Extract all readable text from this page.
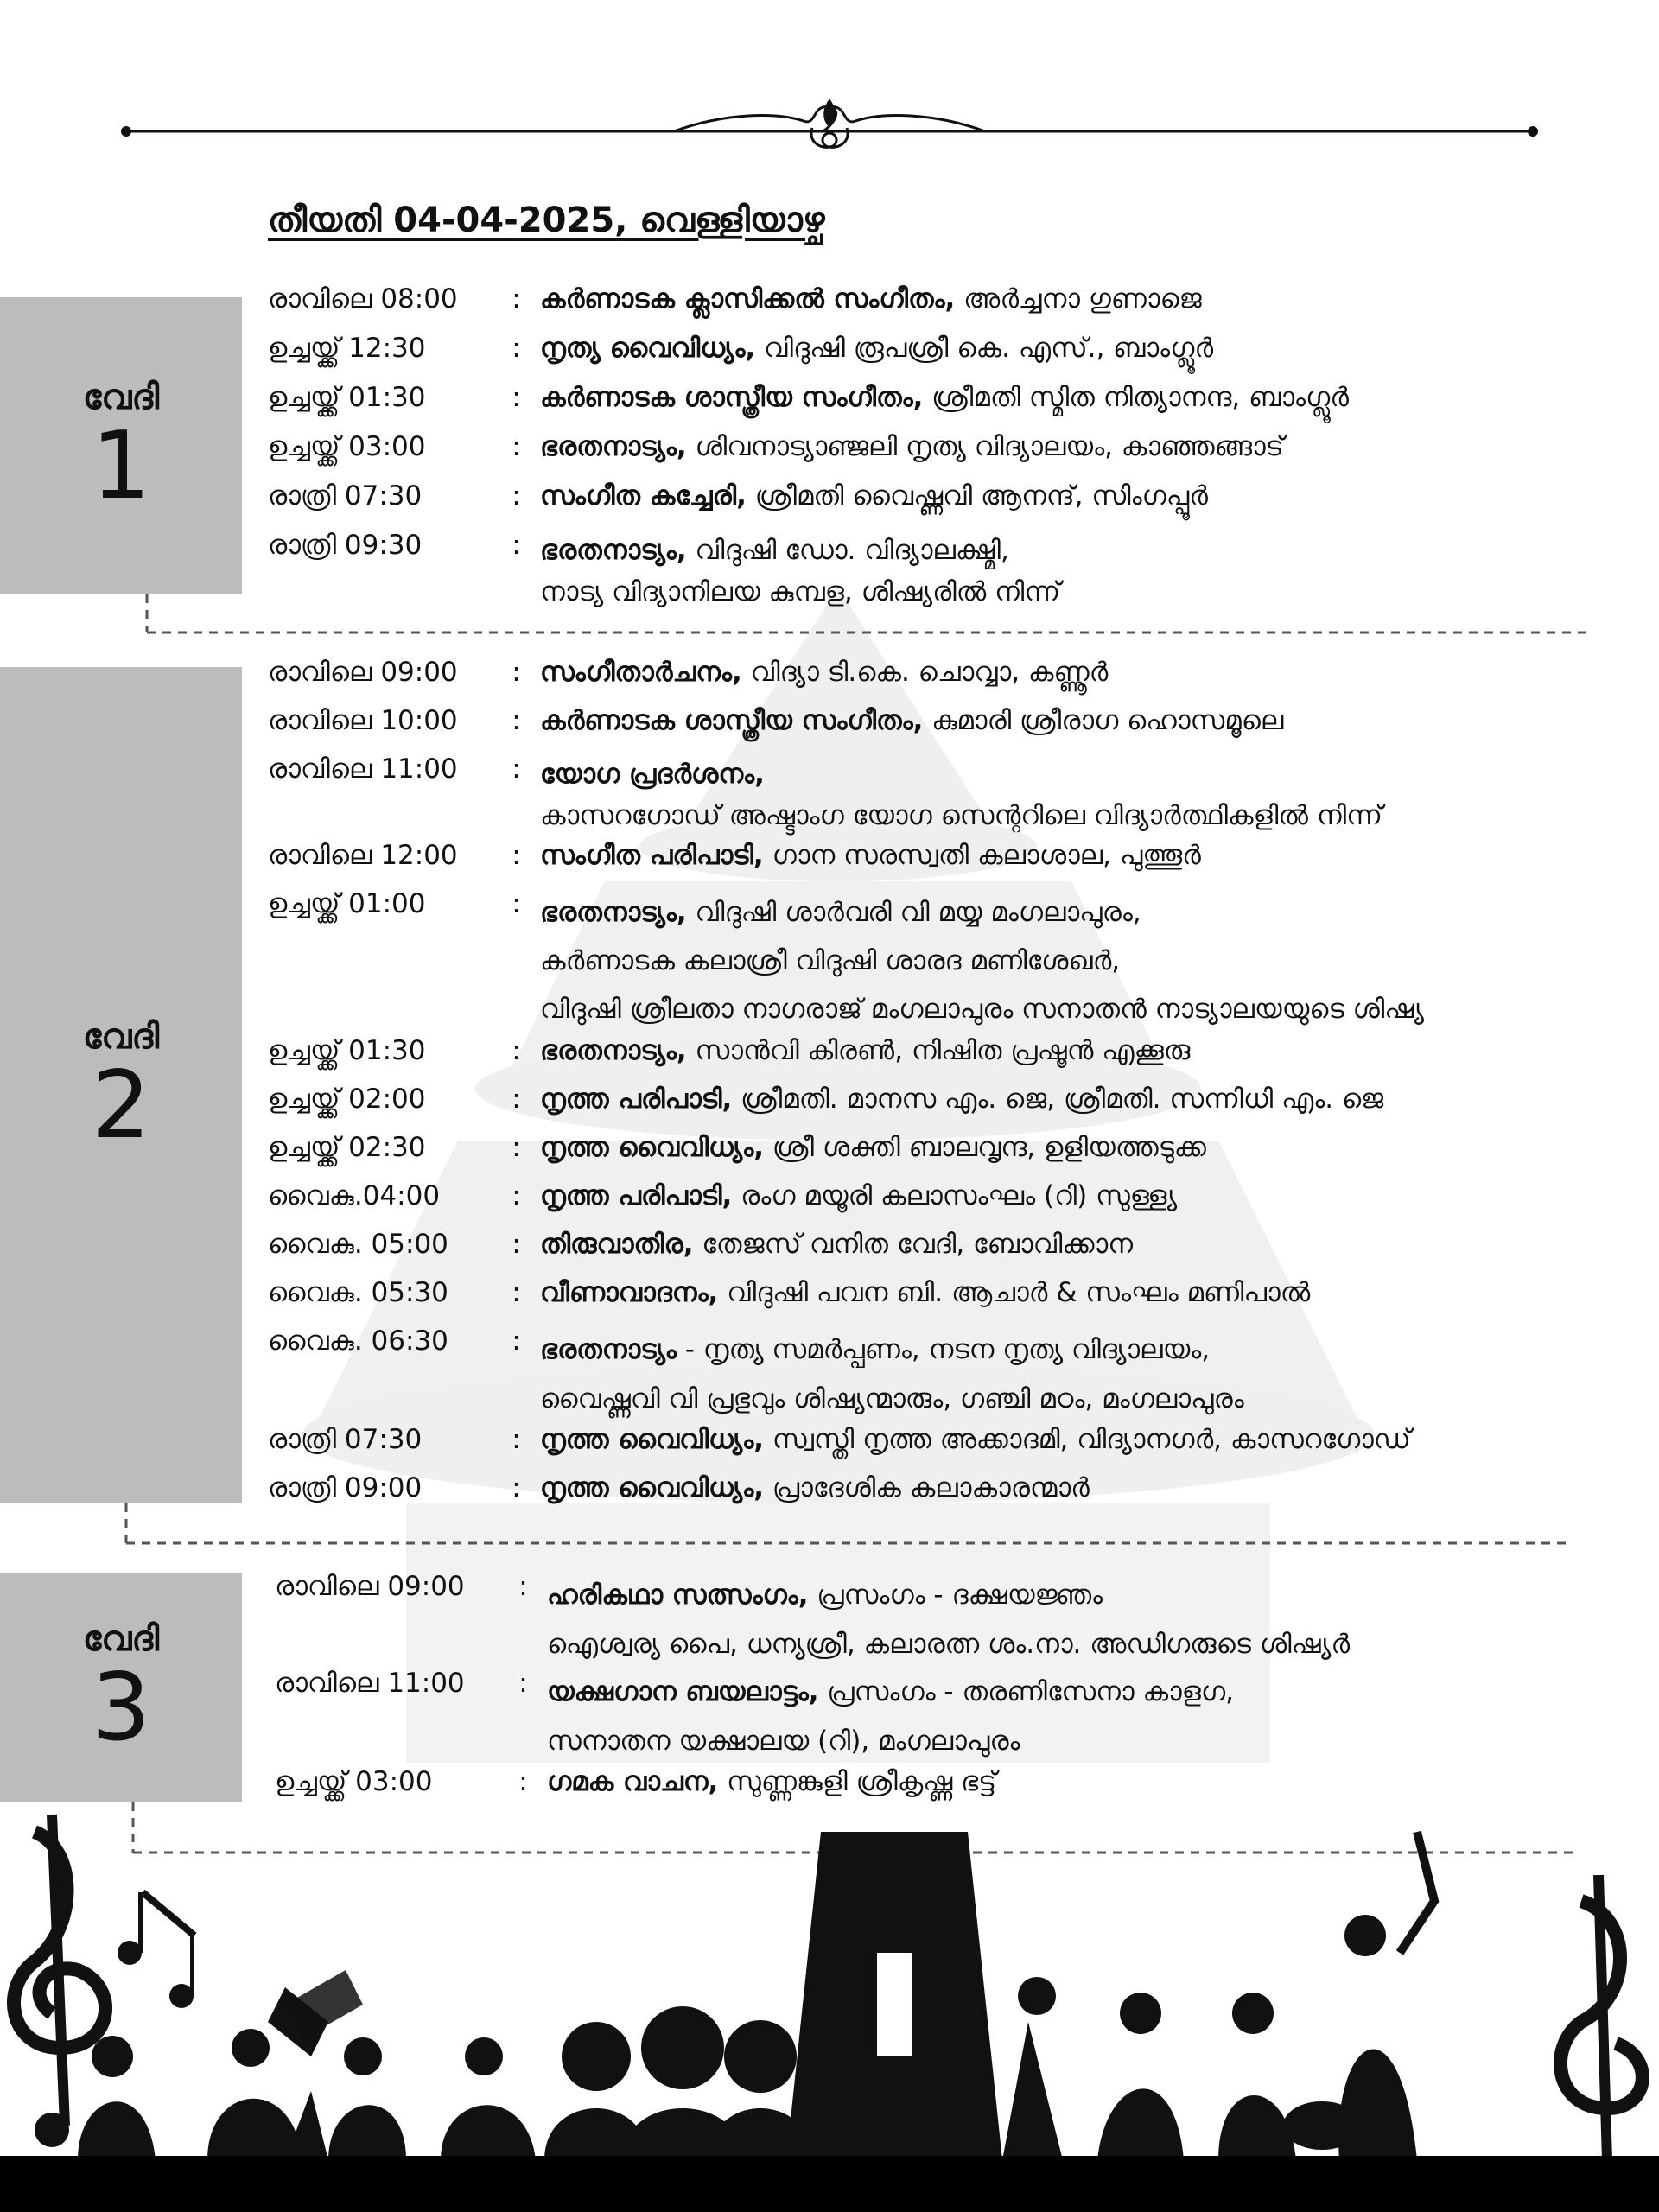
തീയതി 04-04-2025, വെള്ളിയാഴ്ച
വേദി
1
രാവിലെ 08:00	: കർണാടക ക്ലാസിക്കൽ സംഗീതം, അർച്ചനാ ഗുണാജെ
ഉച്ചയ്ക്ക് 12:30	: നൃത്യ വൈവിധ്യം, വിദുഷി രൂപശ്രീ കെ. എസ്., ബാംഗ്ലൂർ
ഉച്ചയ്ക്ക് 01:30	: കർണാടക ശാസ്ത്രീയ സംഗീതം, ശ്രീമതി സ്മിത നിത്യാനന്ദ, ബാംഗ്ലൂർ
ഉച്ചയ്ക്ക് 03:00	: ഭരതനാട്യം, ശിവനാട്യാഞ്ജലി നൃത്യ വിദ്യാലയം, കാഞ്ഞങ്ങാട്
രാത്രി 07:30	: സംഗീത കച്ചേരി, ശ്രീമതി വൈഷ്ണവി ആനന്ദ്, സിംഗപ്പൂർ
രാത്രി 09:30	: ഭരതനാട്യം, വിദുഷി ഡോ. വിദ്യാലക്ഷ്മി,
നാട്യ വിദ്യാനിലയ കുമ്പള, ശിഷ്യരിൽ നിന്ന്
വേദി
2
രാവിലെ 09:00	: സംഗീതാർചനം, വിദ്യാ ടി.കെ. ചൊവ്വാ, കണ്ണൂർ
രാവിലെ 10:00	: കർണാടക ശാസ്ത്രീയ സംഗീതം, കുമാരി ശ്രീരാഗ ഹൊസമൂലെ
രാവിലെ 11:00	: യോഗ പ്രദർശനം,
കാസറഗോഡ് അഷ്ടാംഗ യോഗ സെന്ററിലെ വിദ്യാർത്ഥികളിൽ നിന്ന്
രാവിലെ 12:00	: സംഗീത പരിപാടി, ഗാന സരസ്വതി കലാശാല, പുത്തൂർ
ഉച്ചയ്ക്ക് 01:00	: ഭരതനാട്യം, വിദുഷി ശാർവരി വി മയ്യ മംഗലാപുരം,
കർണാടക കലാശ്രീ വിദുഷി ശാരദ മണിശേഖർ,
വിദുഷി ശ്രീലതാ നാഗരാജ് മംഗലാപുരം സനാതൻ നാട്യാലയയുടെ ശിഷ്യ
ഉച്ചയ്ക്ക് 01:30	: ഭരതനാട്യം, സാൻവി കിരൺ, നിഷിത പ്രഷൂൻ എക്കൂരു
ഉച്ചയ്ക്ക് 02:00	: നൃത്ത പരിപാടി, ശ്രീമതി. മാനസ എം. ജെ, ശ്രീമതി. സന്നിധി എം. ജെ
ഉച്ചയ്ക്ക് 02:30	: നൃത്ത വൈവിധ്യം, ശ്രീ ശക്തി ബാലവൃന്ദ, ഉളിയത്തടുക്ക
വൈകു.04:00	: നൃത്ത പരിപാടി, രംഗ മയൂരി കലാസംഘം (റി) സുള്ള്യ
വൈകു. 05:00	: തിരുവാതിര, തേജസ് വനിത വേദി, ബോവിക്കാന
വൈകു. 05:30	: വീണാവാദനം, വിദുഷി പവന ബി. ആചാർ & സംഘം മണിപാൽ
വൈകു. 06:30	: ഭരതനാട്യം - നൃത്യ സമർപ്പണം, നടന നൃത്യ വിദ്യാലയം,
വൈഷ്ണവി വി പ്രഭുവും ശിഷ്യന്മാരും, ഗഞ്ചി മഠം, മംഗലാപുരം
രാത്രി 07:30	: നൃത്ത വൈവിധ്യം, സ്വസ്തി നൃത്ത അക്കാദമി, വിദ്യാനഗർ, കാസറഗോഡ്
രാത്രി 09:00	: നൃത്ത വൈവിധ്യം, പ്രാദേശിക കലാകാരന്മാർ
വേദി
3
രാവിലെ 09:00	: ഹരികഥാ സത്സംഗം, പ്രസംഗം - ദക്ഷയജ്ഞം
ഐശ്വര്യ പൈ, ധന്യശ്രീ, കലാരത്ന ശം.നാ. അഡിഗരുടെ ശിഷ്യർ
രാവിലെ 11:00	: യക്ഷഗാന ബയലാട്ടം, പ്രസംഗം - തരണിസേനാ കാളഗ,
സനാതന യക്ഷാലയ (റി), മംഗലാപുരം
ഉച്ചയ്ക്ക് 03:00	: ഗമക വാചന, സുണ്ണങ്കുളി ശ്രീകൃഷ്ണ ഭട്ട്
